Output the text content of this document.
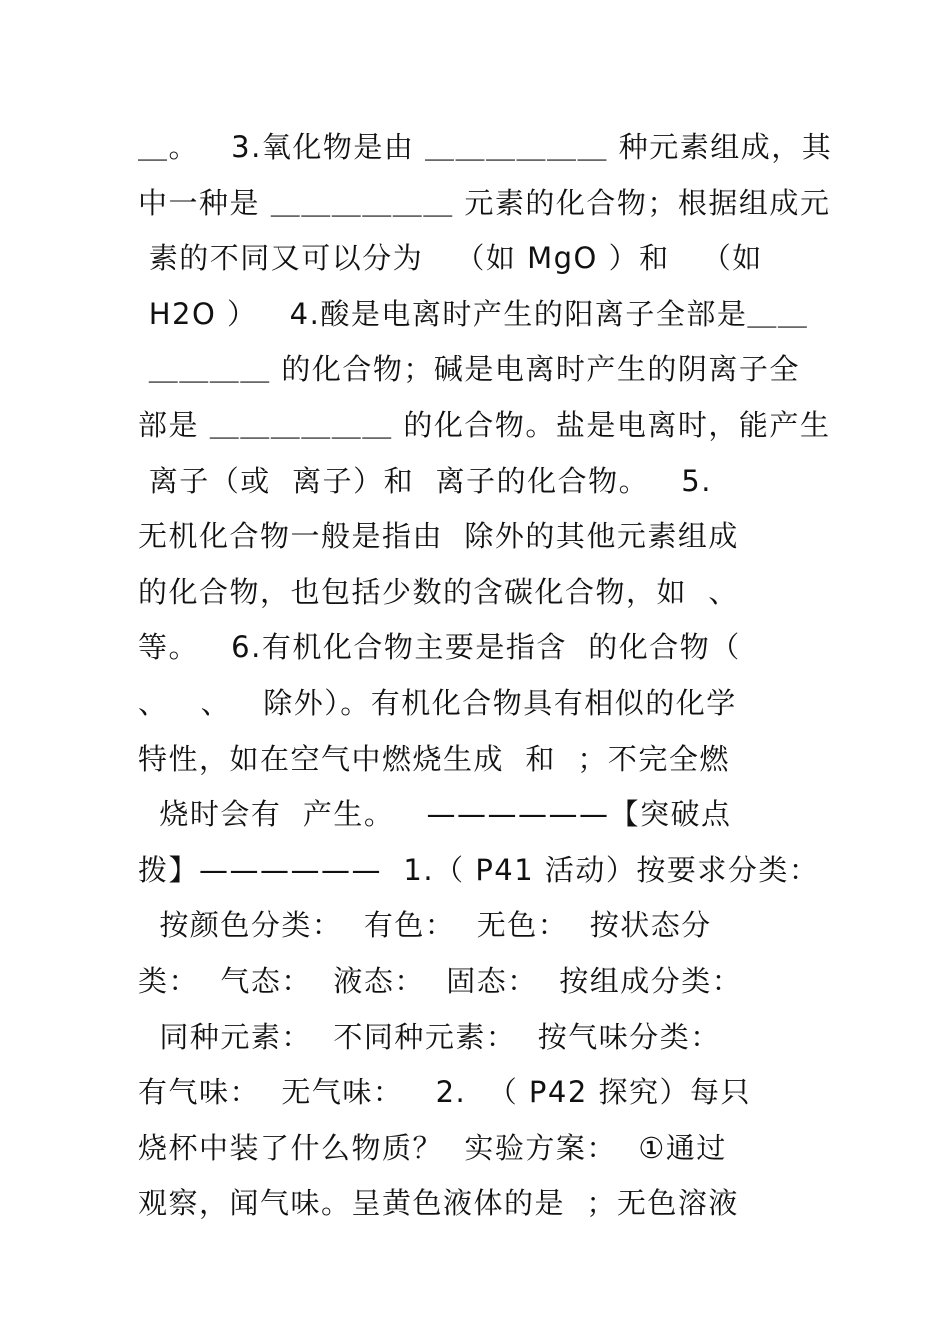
＿。   3.氧化物是由 ＿＿＿＿＿＿ 种元素组成，其
中一种是 ＿＿＿＿＿＿ 元素的化合物；根据组成元
素的不同又可以分为   （如 MgO ）和   （如
H2O ）   4.酸是电离时产生的阳离子全部是＿＿
＿＿＿＿ 的化合物；碱是电离时产生的阴离子全
部是 ＿＿＿＿＿＿ 的化合物。盐是电离时，能产生
离子（或  离子）和  离子的化合物。   5.
无机化合物一般是指由  除外的其他元素组成
的化合物，也包括少数的含碳化合物，如  、
等。   6.有机化合物主要是指含  的化合物（
、   、   除外）。有机化合物具有相似的化学
特性，如在空气中燃烧生成  和  ；不完全燃
烧时会有  产生。   ——————【突破点
拨】——————  1.（ P41 活动）按要求分类：
按颜色分类：  有色：  无色：  按状态分
类：  气态：  液态：  固态：  按组成分类：
同种元素：  不同种元素：  按气味分类：
有气味：  无气味：   2.  （ P42 探究）每只
烧杯中装了什么物质？  实验方案：  ①通过
观察，闻气味。呈黄色液体的是  ；无色溶液
